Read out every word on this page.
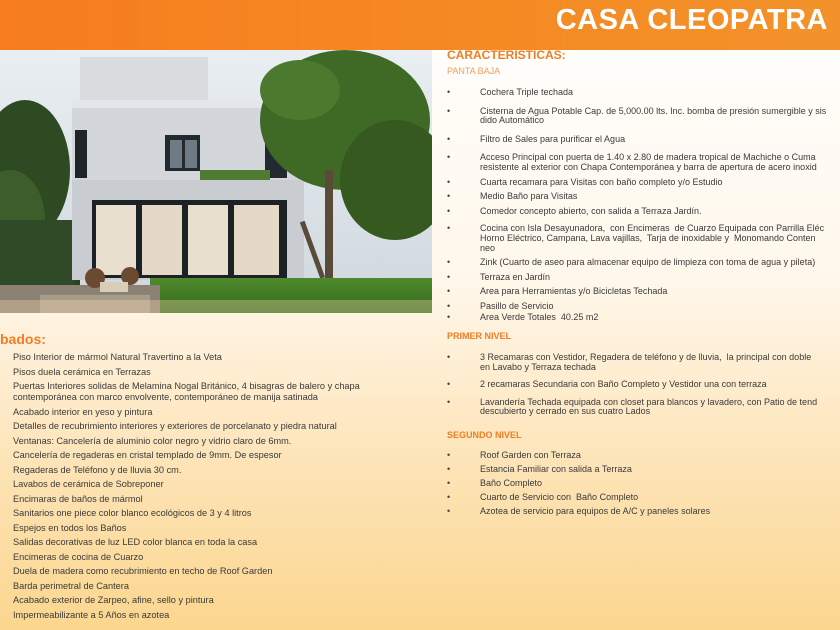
CASA CLEOPATRA
bados:
Piso Interior de mármol Natural Travertino a la Veta
Pisos duela cerámica en Terrazas
Puertas Interiores solidas de Melamina Nogal Británico, 4 bisagras de balero y chapa
contemporánea con marco envolvente, contemporáneo de manija satinada
Acabado interior en yeso y pintura
Detalles de recubrimiento interiores y exteriores de porcelanato y piedra natural
Ventanas: Cancelería de aluminio color negro y vidrio claro de 6mm.
Cancelería de regaderas en cristal templado de 9mm. De espesor
Regaderas de Teléfono y de lluvia 30 cm.
Lavabos de cerámica de Sobreponer
Encimaras de baños de mármol
Sanitarios one piece color blanco ecológicos de 3 y 4 litros
Espejos en todos los Baños
Salidas decorativas de luz LED color blanca en toda la casa
Encimeras de cocina de Cuarzo
Duela de madera como recubrimiento en techo de Roof Garden
Barda perimetral de Cantera
Acabado exterior de Zarpeo, afine, sello y pintura
Impermeabilizante a 5 Años en azotea
CARACTERISTICAS:
PANTA BAJA
•	Cochera Triple techada
•	Cisterna de Agua Potable Cap. de 5,000.00 lts. Inc. bomba de presión sumergible y sis
dido Automático
•	Filtro de Sales para purificar el Agua
•	Acceso Principal con puerta de 1.40 x 2.80 de madera tropical de Machiche o Cuma
resistente al exterior con Chapa Contemporánea y barra de apertura de acero inoxid
•	Cuarta recamara para Visitas con baño completo y/o Estudio
•	Medio Baño para Visitas
•	Comedor concepto abierto, con salida a Terraza Jardín.
•	Cocina con Isla Desayunadora,  con Encimeras  de Cuarzo Equipada con Parrilla Eléc
Horno Eléctrico, Campana, Lava vajillas,  Tarja de inoxidable y  Monomando Conten
neo
•	Zink (Cuarto de aseo para almacenar equipo de limpieza con toma de agua y pileta)
•	Terraza en Jardín
•	Área para Herramientas y/o Bicicletas Techada
•	Pasillo de Servicio
•	Área Verde Totales  40.25 m2
PRIMER NIVEL
•	3 Recamaras con Vestidor, Regadera de teléfono y de lluvia,  la principal con doble
en Lavabo y Terraza techada
•	2 recamaras Secundaria con Baño Completo y Vestidor una con terraza
•	Lavandería Techada equipada con closet para blancos y lavadero, con Patio de tend
descubierto y cerrado en sus cuatro Lados
SEGUNDO NIVEL
•	Roof Garden con Terraza
•	Estancia Familiar con salida a Terraza
•	Baño Completo
•	Cuarto de Servicio con  Baño Completo
•	Azotea de servicio para equipos de A/C y paneles solares
